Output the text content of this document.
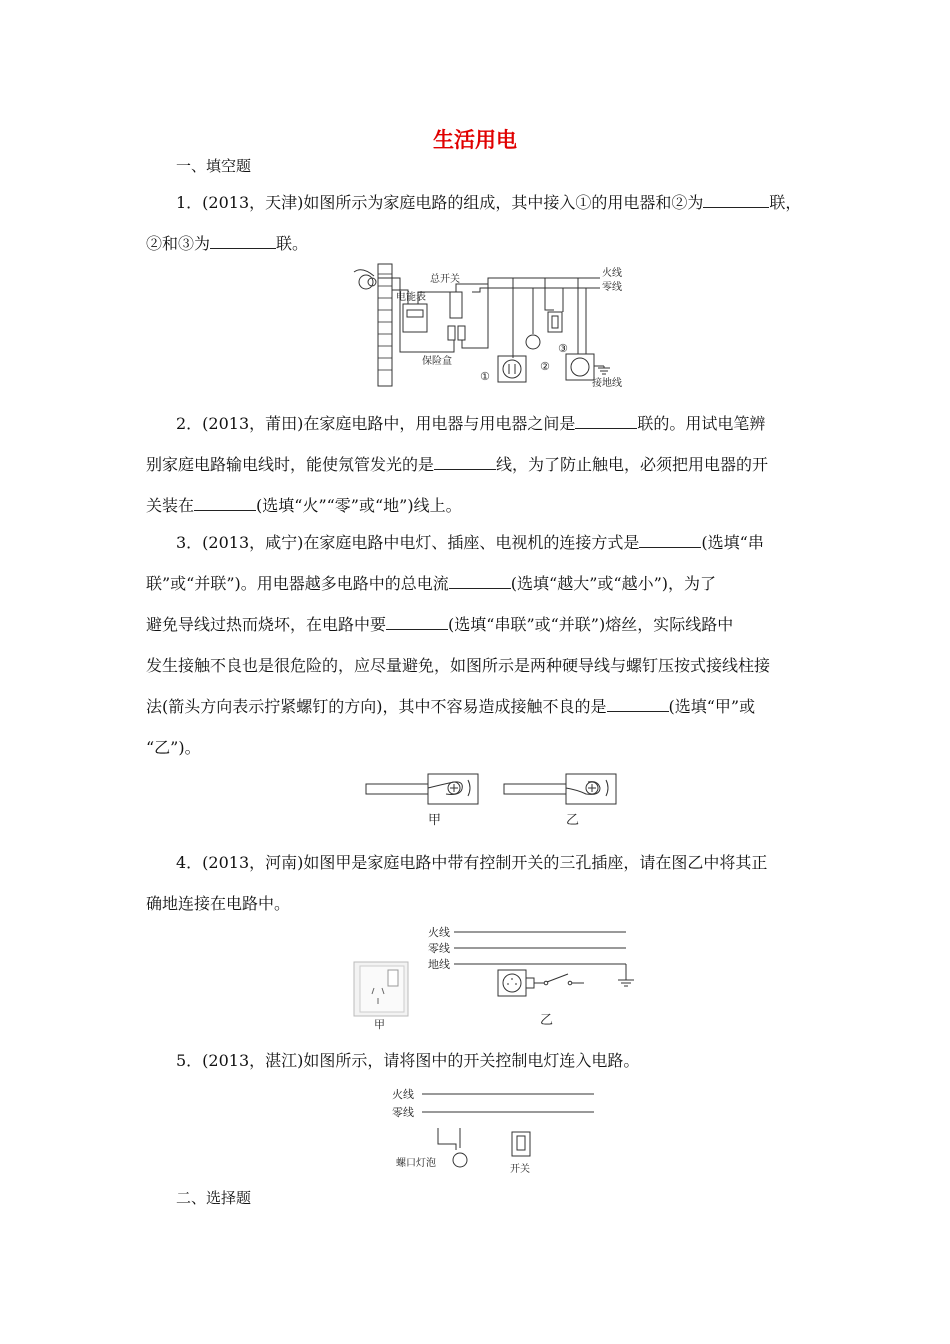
生活用电
一、填空题
1．(2013，天津)如图所示为家庭电路的组成，其中接入①的用电器和②为	联，
②和③为	联。
电能表
总开关
保险盒
①
②
③
接地线
火线
零线
2．(2013，莆田)在家庭电路中，用电器与用电器之间是	联的。用试电笔辨
别家庭电路输电线时，能使氖管发光的是	线，为了防止触电，必须把用电器的开
关装在	(选填“火”“零”或“地”)线上。
3．(2013，咸宁)在家庭电路中电灯、插座、电视机的连接方式是	(选填“串
联”或“并联”)。用电器越多电路中的总电流	(选填“越大”或“越小”)，为了
避免导线过热而烧坏，在电路中要	(选填“串联”或“并联”)熔丝，实际线路中
发生接触不良也是很危险的，应尽量避免，如图所示是两种硬导线与螺钉压按式接线柱接
法(箭头方向表示拧紧螺钉的方向)，其中不容易造成接触不良的是	(选填“甲”或
“乙”)。
甲	乙
4．(2013，河南)如图甲是家庭电路中带有控制开关的三孔插座，请在图乙中将其正
确地连接在电路中。
甲
火线
零线
地线
乙
5．(2013，湛江)如图所示，请将图中的开关控制电灯连入电路。
火线
零线
螺口灯泡
开关
二、选择题
